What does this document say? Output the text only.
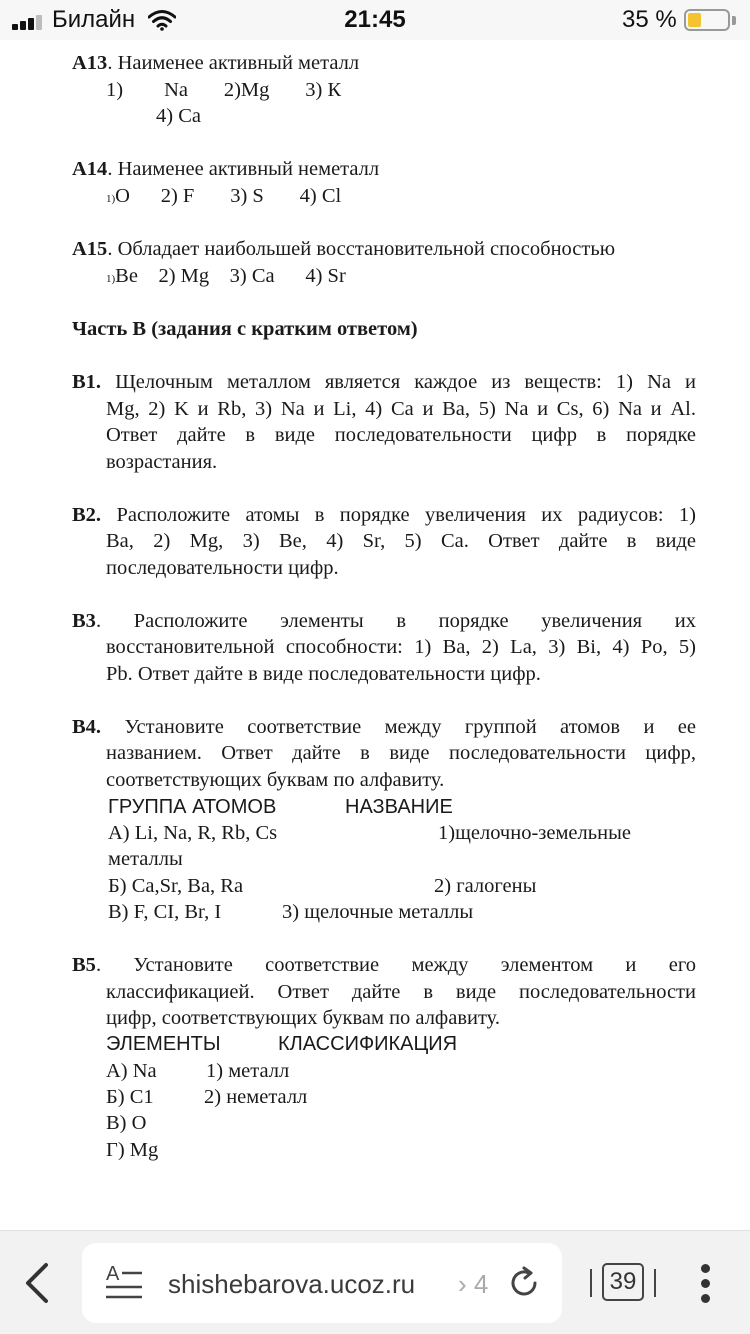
Билайн	21:45	35 %
А13. Наименее активный металл
1)        Na       2)Mg       3) К
4) Са
А14. Наименее активный неметалл
1)O      2) F       3) S       4) Cl
А15. Обладает наибольшей восстановительной способностью
1)Be    2) Mg    3) Ca      4) Sr
Часть В (задания с кратким ответом)
В1. Щелочным металлом является каждое из веществ: 1) Na и
Mg, 2) K и Rb, 3) Na и Li, 4) Ca и Ba, 5) Na и Cs, 6) Na и Al.
Ответ дайте в виде последовательности цифр в порядке
возрастания.
В2. Расположите атомы в порядке увеличения их радиусов: 1)
Ba, 2) Mg, 3) Be, 4) Sr, 5) Ca. Ответ дайте в виде
последовательности цифр.
В3. Расположите элементы в порядке увеличения их
восстановительной способности: 1) Ba, 2) La, 3) Bi, 4) Po, 5)
Pb. Ответ дайте в виде последовательности цифр.
В4. Установите соответствие между группой атомов и ее
названием. Ответ дайте в виде последовательности цифр,
соответствующих буквам по алфавиту.
ГРУППА АТОМОВ	НАЗВАНИЕ
А) Li, Na, R, Rb, Cs	1)щелочно-земельные
металлы
Б) Ca,Sr, Ba, Ra	2) галогены
В) F, CI, Br, I	3) щелочные металлы
В5. Установите соответствие между элементом и его
классификацией. Ответ дайте в виде последовательности
цифр, соответствующих буквам по алфавиту.
ЭЛЕМЕНТЫ	КЛАССИФИКАЦИЯ
А) Na 1) металл
Б) С1 2) неметалл
В) О
Г) Mg
A shishebarova.ucoz.ru › 4	39
